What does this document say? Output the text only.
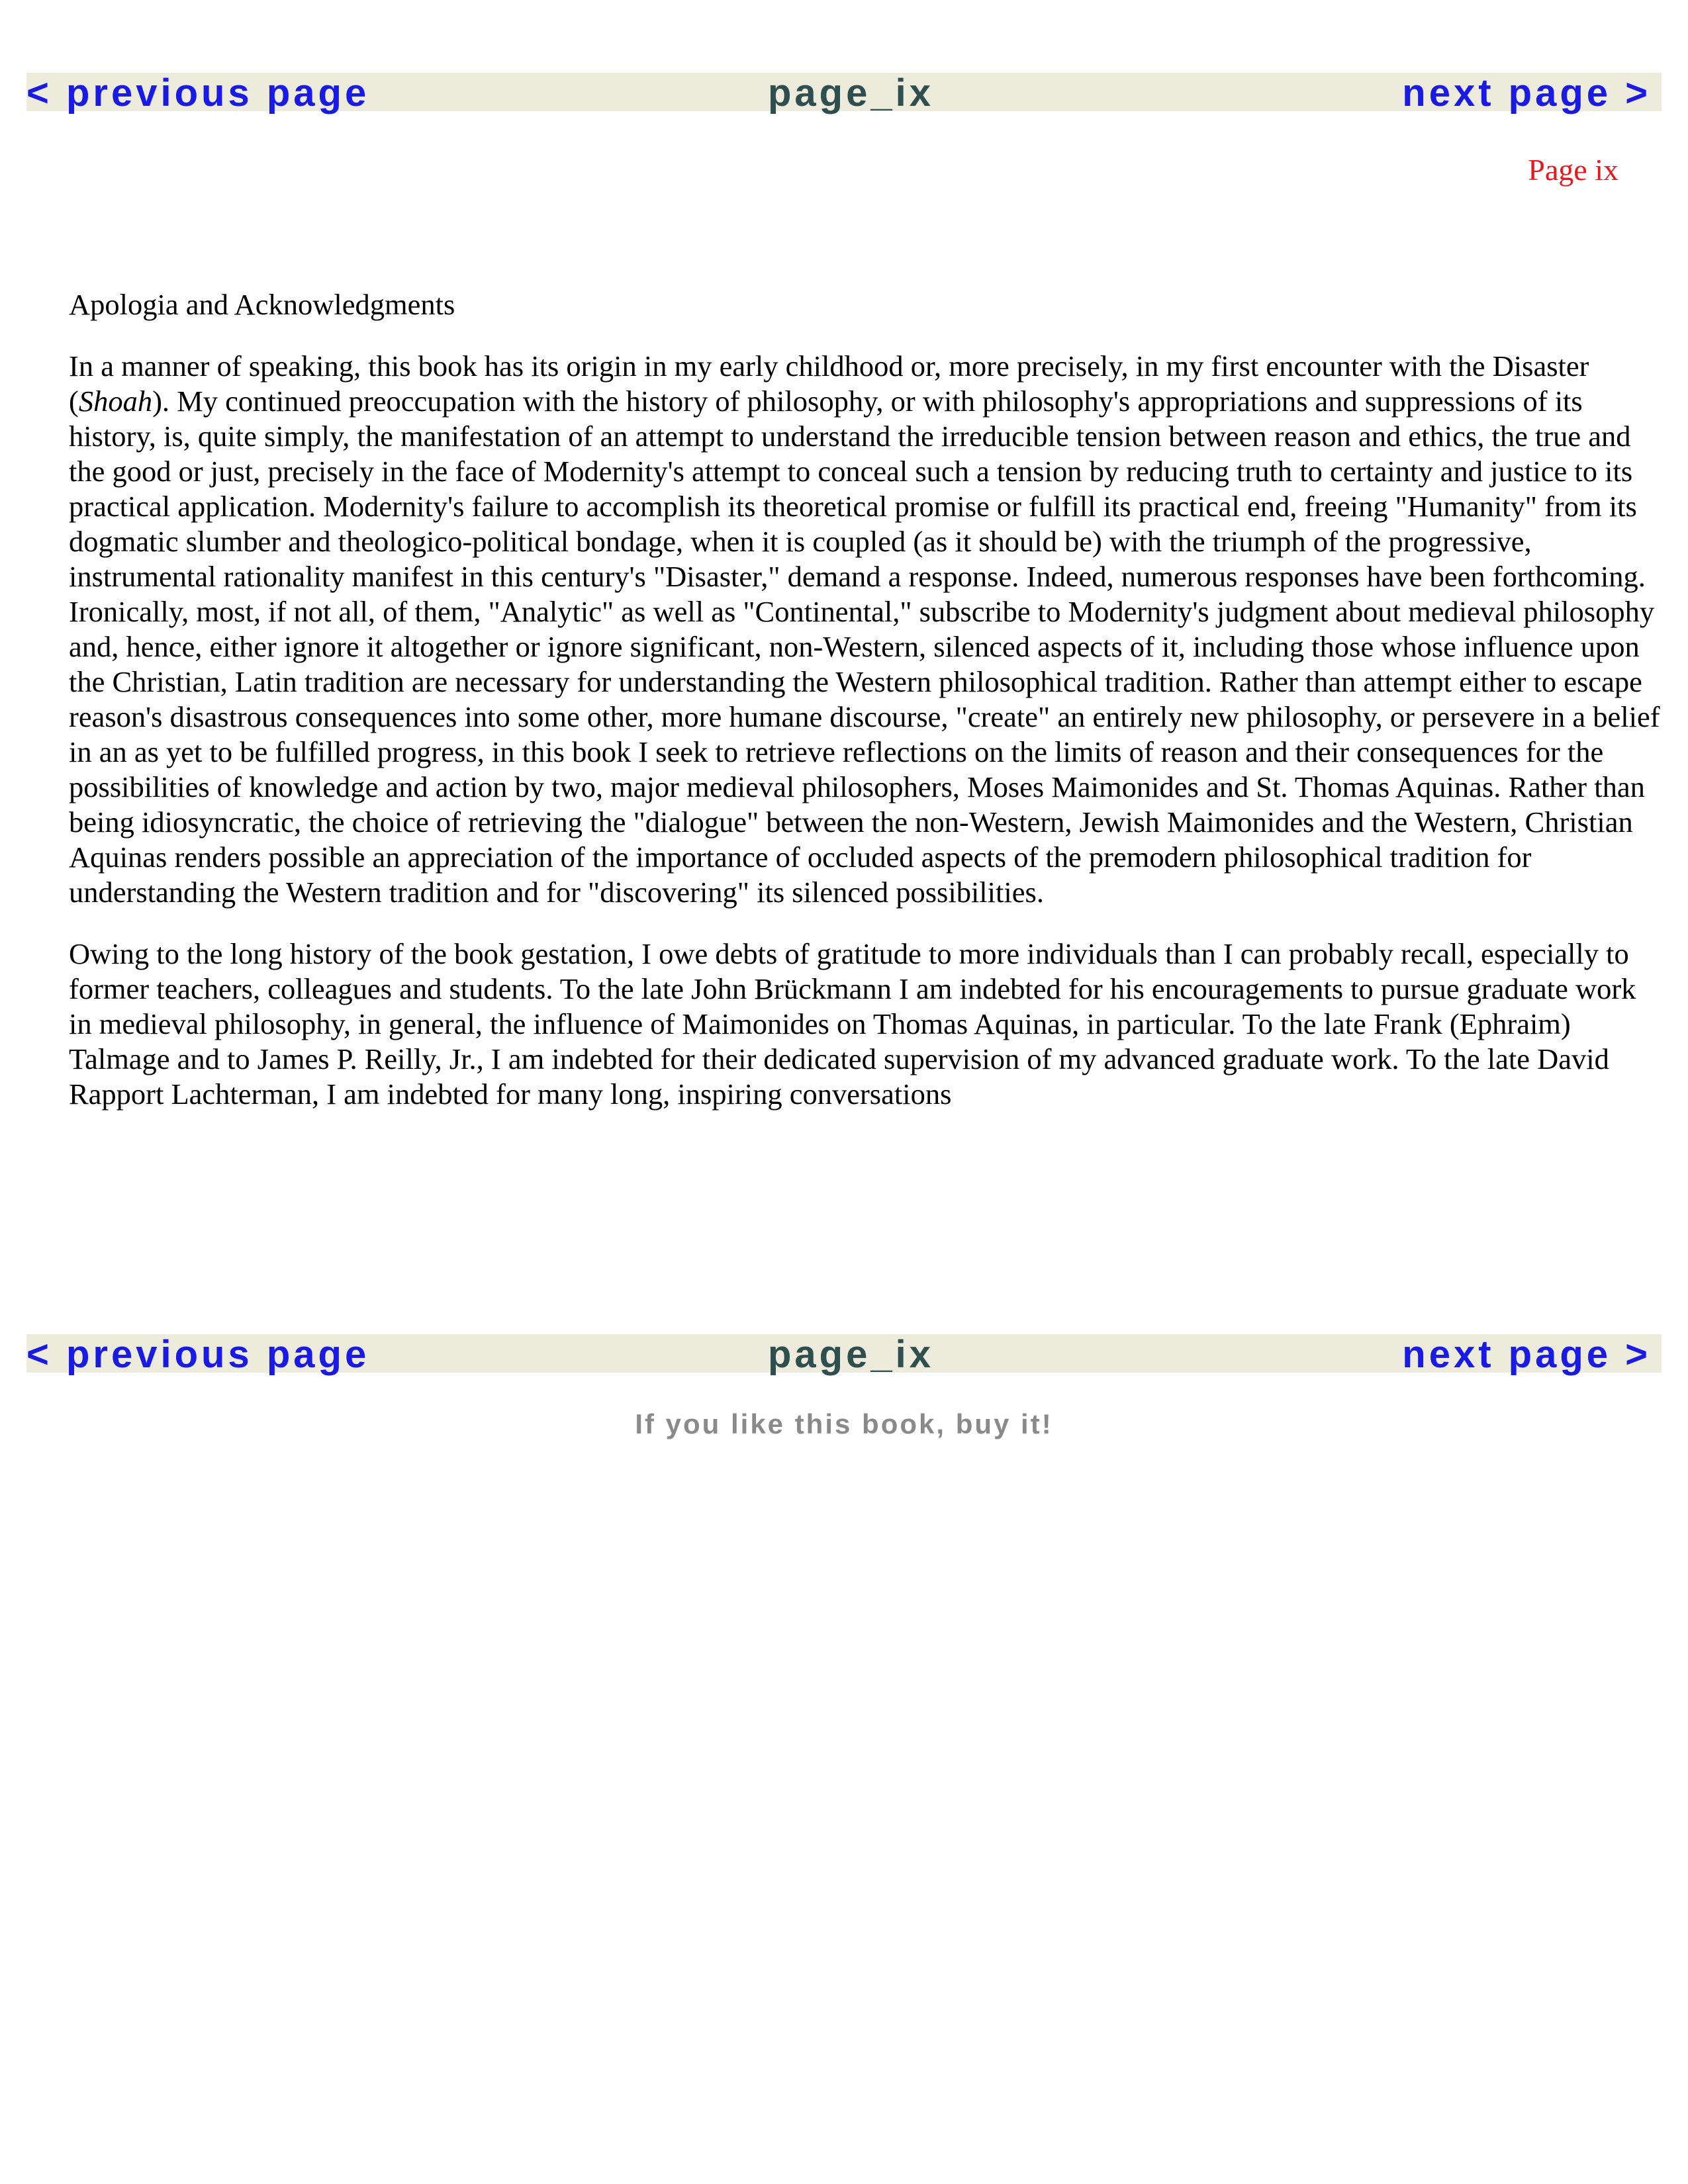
< previous page	page_ix	next page >
Page ix
Apologia and Acknowledgments

In a manner of speaking, this book has its origin in my early childhood or, more precisely, in my first encounter with the Disaster (Shoah). My continued preoccupation with the history of philosophy, or with philosophy's appropriations and suppressions of its history, is, quite simply, the manifestation of an attempt to understand the irreducible tension between reason and ethics, the true and the good or just, precisely in the face of Modernity's attempt to conceal such a tension by reducing truth to certainty and justice to its practical application. Modernity's failure to accomplish its theoretical promise or fulfill its practical end, freeing "Humanity" from its dogmatic slumber and theologico-political bondage, when it is coupled (as it should be) with the triumph of the progressive, instrumental rationality manifest in this century's "Disaster," demand a response. Indeed, numerous responses have been forthcoming. Ironically, most, if not all, of them, "Analytic" as well as "Continental," subscribe to Modernity's judgment about medieval philosophy and, hence, either ignore it altogether or ignore significant, non-Western, silenced aspects of it, including those whose influence upon the Christian, Latin tradition are necessary for understanding the Western philosophical tradition. Rather than attempt either to escape reason's disastrous consequences into some other, more humane discourse, "create" an entirely new philosophy, or persevere in a belief in an as yet to be fulfilled progress, in this book I seek to retrieve reflections on the limits of reason and their consequences for the possibilities of knowledge and action by two, major medieval philosophers, Moses Maimonides and St. Thomas Aquinas. Rather than being idiosyncratic, the choice of retrieving the "dialogue" between the non-Western, Jewish Maimonides and the Western, Christian Aquinas renders possible an appreciation of the importance of occluded aspects of the premodern philosophical tradition for understanding the Western tradition and for "discovering" its silenced possibilities.

Owing to the long history of the book gestation, I owe debts of gratitude to more individuals than I can probably recall, especially to former teachers, colleagues and students. To the late John Brückmann I am indebted for his encouragements to pursue graduate work in medieval philosophy, in general, the influence of Maimonides on Thomas Aquinas, in particular. To the late Frank (Ephraim) Talmage and to James P. Reilly, Jr., I am indebted for their dedicated supervision of my advanced graduate work. To the late David Rapport Lachterman, I am indebted for many long, inspiring conversations

< previous page	page_ix	next page >
If you like this book, buy it!
